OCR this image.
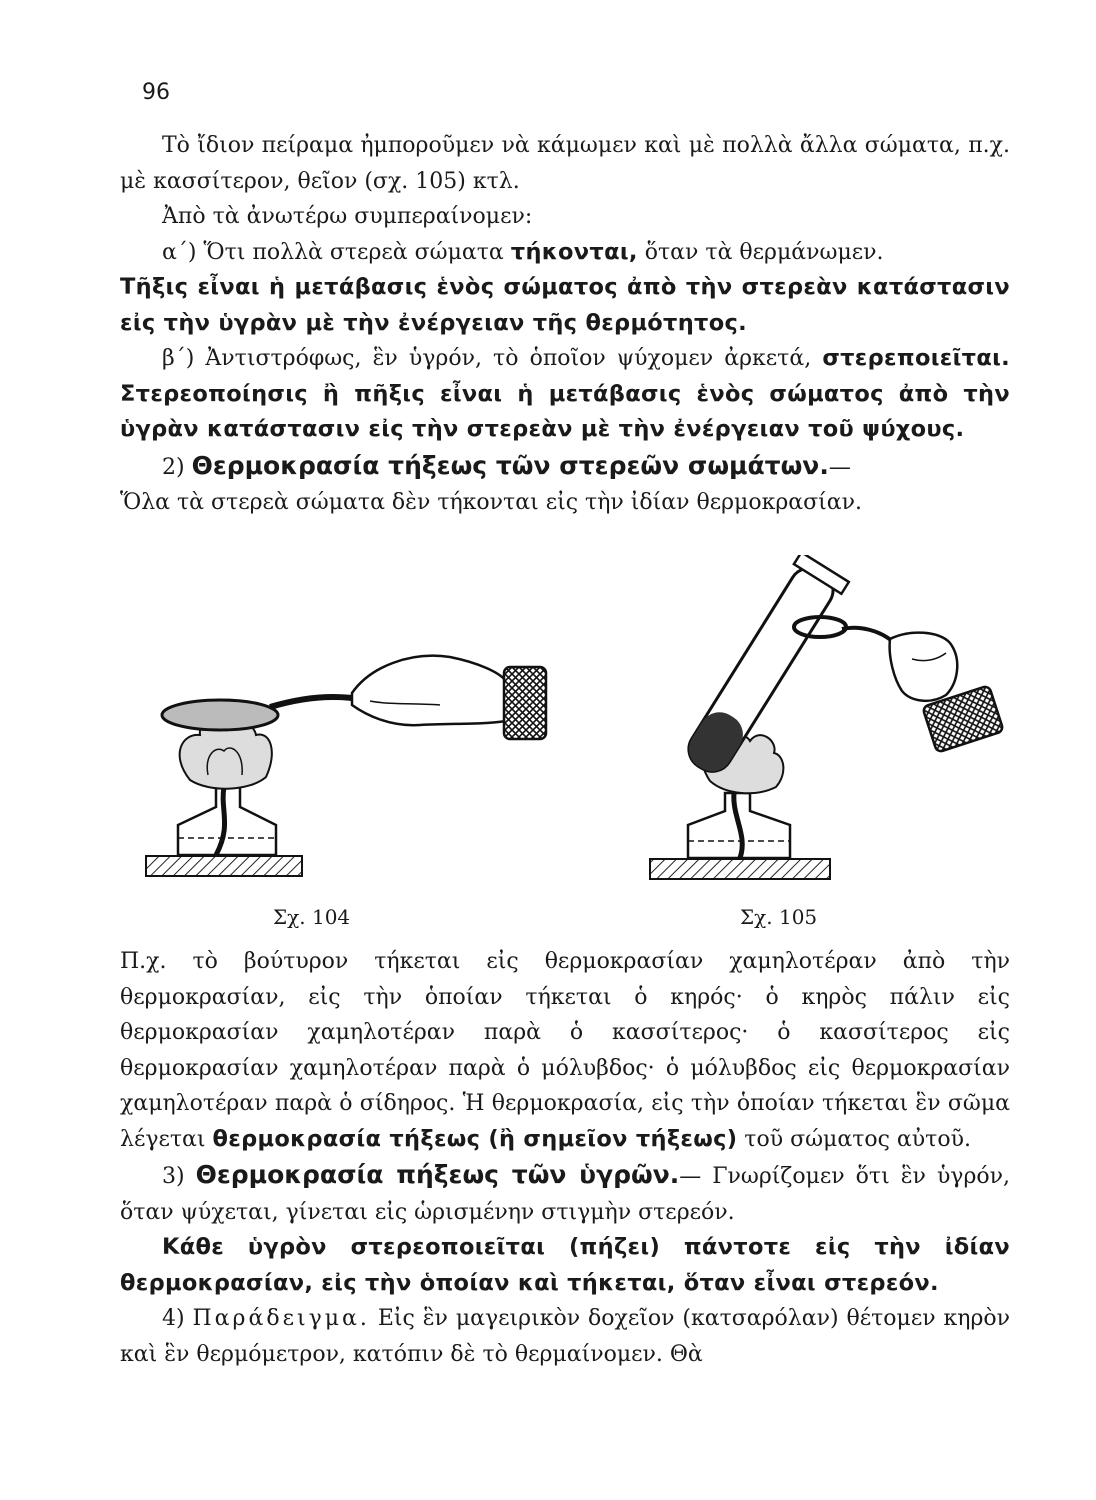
96

Τὸ ἴδιον πείραμα ἠμποροῦμεν νὰ κάμωμεν καὶ μὲ πολλὰ ἄλλα σώματα, π.χ. μὲ κασσίτερον, θεῖον (σχ. 105) κτλ.

Ἀπὸ τὰ ἀνωτέρω συμπεραίνομεν:

α΄) Ὅτι πολλὰ στερεὰ σώματα τήκονται, ὅταν τὰ θερμάνωμεν.

Τῆξις εἶναι ἡ μετάβασις ἑνὸς σώματος ἀπὸ τὴν στερεὰν κατάστασιν εἰς τὴν ὑγρὰν μὲ τὴν ἐνέργειαν τῆς θερμότητος.

β΄) Ἀντιστρόφως, ἓν ὑγρόν, τὸ ὁποῖον ψύχομεν ἀρκετά, στερεποιεῖται. Στερεοποίησις ἢ πῆξις εἶναι ἡ μετάβασις ἑνὸς σώματος ἀπὸ τὴν ὑγρὰν κατάστασιν εἰς τὴν στερεὰν μὲ τὴν ἐνέργειαν τοῦ ψύχους.

2) Θερμοκρασία τήξεως τῶν στερεῶν σωμάτων.—

Ὅλα τὰ στερεὰ σώματα δὲν τήκονται εἰς τὴν ἰδίαν θερμοκρασίαν.

Σχ. 104	Σχ. 105

Π.χ. τὸ βούτυρον τήκεται εἰς θερμοκρασίαν χαμηλοτέραν ἀπὸ τὴν θερμοκρασίαν, εἰς τὴν ὁποίαν τήκεται ὁ κηρός· ὁ κηρὸς πάλιν εἰς θερμοκρασίαν χαμηλοτέραν παρὰ ὁ κασσίτερος· ὁ κασσίτερος εἰς θερμοκρασίαν χαμηλοτέραν παρὰ ὁ μόλυβδος· ὁ μόλυβδος εἰς θερμοκρασίαν χαμηλοτέραν παρὰ ὁ σίδηρος. Ἡ θερμοκρασία, εἰς τὴν ὁποίαν τήκεται ἓν σῶμα λέγεται θερμοκρασία τήξεως (ἢ σημεῖον τήξεως) τοῦ σώματος αὐτοῦ.

3) Θερμοκρασία πήξεως τῶν ὑγρῶν.— Γνωρίζομεν ὅτι ἓν ὑγρόν, ὅταν ψύχεται, γίνεται εἰς ὡρισμένην στιγμὴν στερεόν.

Κάθε ὑγρὸν στερεοποιεῖται (πήζει) πάντοτε εἰς τὴν ἰδίαν θερμοκρασίαν, εἰς τὴν ὁποίαν καὶ τήκεται, ὅταν εἶναι στερεόν.

4) Παράδειγμα. Εἰς ἓν μαγειρικὸν δοχεῖον (κατσαρόλαν) θέτομεν κηρὸν καὶ ἓν θερμόμετρον, κατόπιν δὲ τὸ θερμαίνομεν. Θὰ
